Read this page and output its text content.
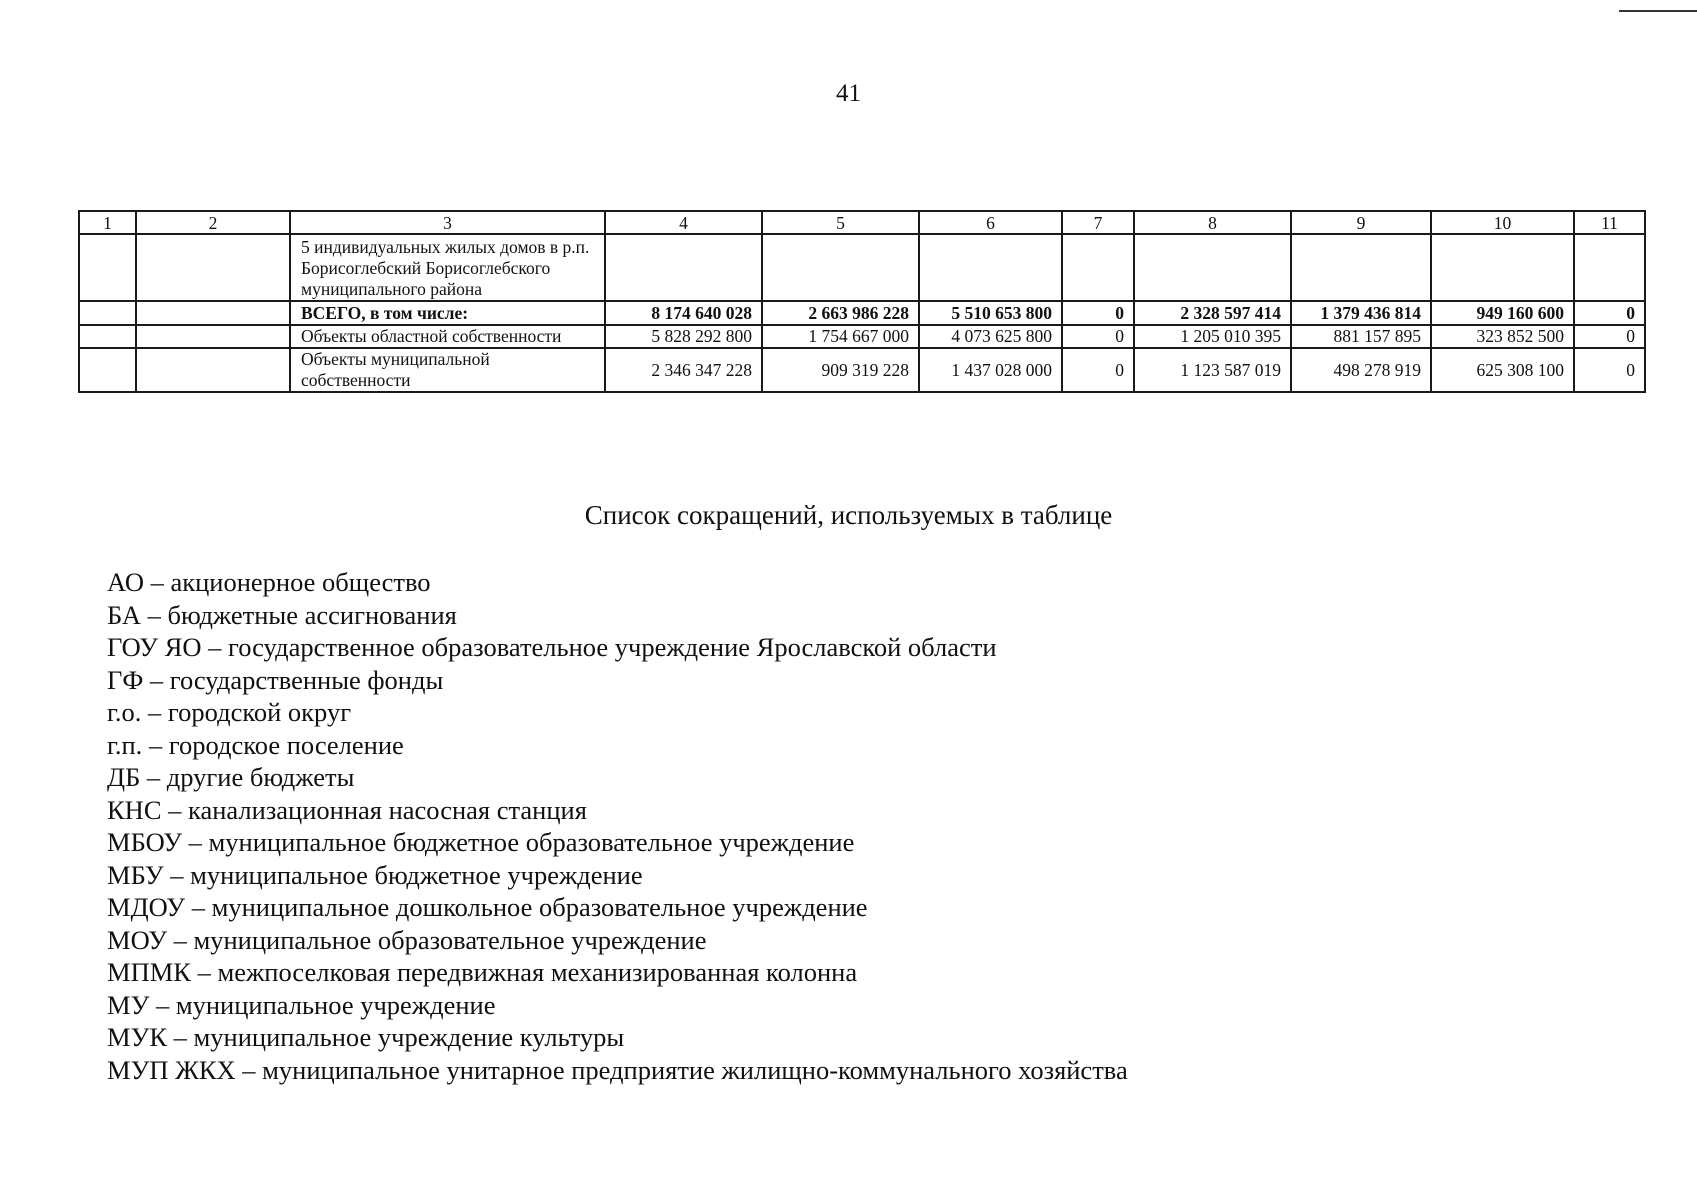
41
1	2	3	4	5	6	7	8	9	10	11
		5 индивидуальных жилых домов в р.п. Борисоглебский Борисоглебского муниципального района								
		ВСЕГО, в том числе:	8 174 640 028	2 663 986 228	5 510 653 800	0	2 328 597 414	1 379 436 814	949 160 600	0
		Объекты областной собственности	5 828 292 800	1 754 667 000	4 073 625 800	0	1 205 010 395	881 157 895	323 852 500	0
		Объекты муниципальной собственности	2 346 347 228	909 319 228	1 437 028 000	0	1 123 587 019	498 278 919	625 308 100	0
Список сокращений, используемых в таблице
АО – акционерное общество
БА – бюджетные ассигнования
ГОУ ЯО – государственное образовательное учреждение Ярославской области
ГФ – государственные фонды
г.о. – городской округ
г.п. – городское поселение
ДБ – другие бюджеты
КНС – канализационная насосная станция
МБОУ – муниципальное бюджетное образовательное учреждение
МБУ – муниципальное бюджетное учреждение
МДОУ – муниципальное дошкольное образовательное учреждение
МОУ – муниципальное образовательное учреждение
МПМК – межпоселковая передвижная механизированная колонна
МУ – муниципальное учреждение
МУК – муниципальное учреждение культуры
МУП ЖКХ – муниципальное унитарное предприятие жилищно-коммунального хозяйства
